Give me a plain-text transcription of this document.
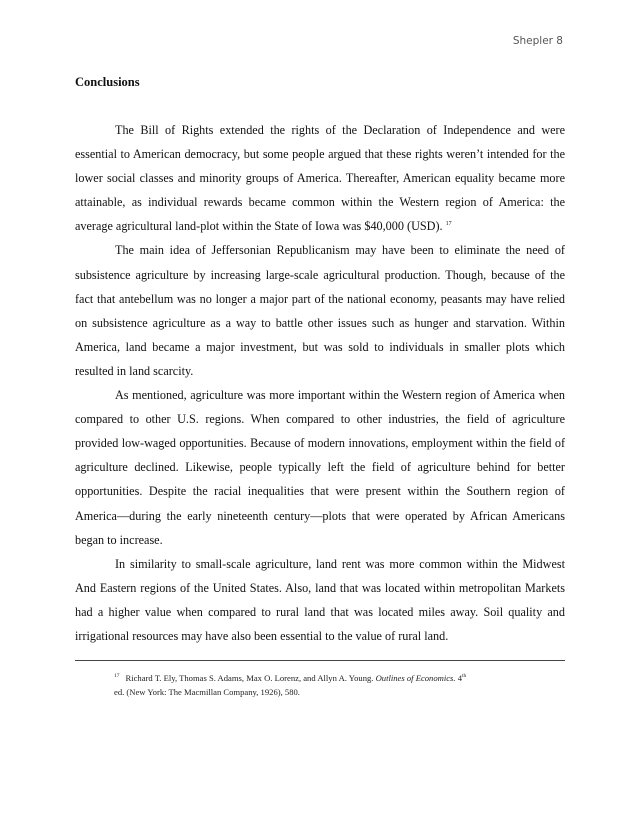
Shepler 8
Conclusions

The Bill of Rights extended the rights of the Declaration of Independence and were essential to American democracy, but some people argued that these rights weren’t intended for the lower social classes and minority groups of America. Thereafter, American equality became more attainable, as individual rewards became common within the Western region of America: the average agricultural land-plot within the State of Iowa was $40,000 (USD). $^{17}$

The main idea of Jeffersonian Republicanism may have been to eliminate the need of subsistence agriculture by increasing large-scale agricultural production. Though, because of the fact that antebellum was no longer a major part of the national economy, peasants may have relied on subsistence agriculture as a way to battle other issues such as hunger and starvation. Within America, land became a major investment, but was sold to individuals in smaller plots which resulted in land scarcity.

As mentioned, agriculture was more important within the Western region of America when compared to other U.S. regions. When compared to other industries, the field of agriculture provided low-waged opportunities. Because of modern innovations, employment within the field of agriculture declined. Likewise, people typically left the field of agriculture behind for better opportunities. Despite the racial inequalities that were present within the Southern region of America—during the early nineteenth century—plots that were operated by African Americans began to increase.

In similarity to small-scale agriculture, land rent was more common within the Midwest And Eastern regions of the United States. Also, land that was located within metropolitan Markets had a higher value when compared to rural land that was located miles away. Soil quality and irrigational resources may have also been essential to the value of rural land.

$^{17}$ Richard T. Ely, Thomas S. Adams, Max O. Lorenz, and Allyn A. Young. Outlines of Economics. 4th
ed. (New York: The Macmillan Company, 1926), 580.
